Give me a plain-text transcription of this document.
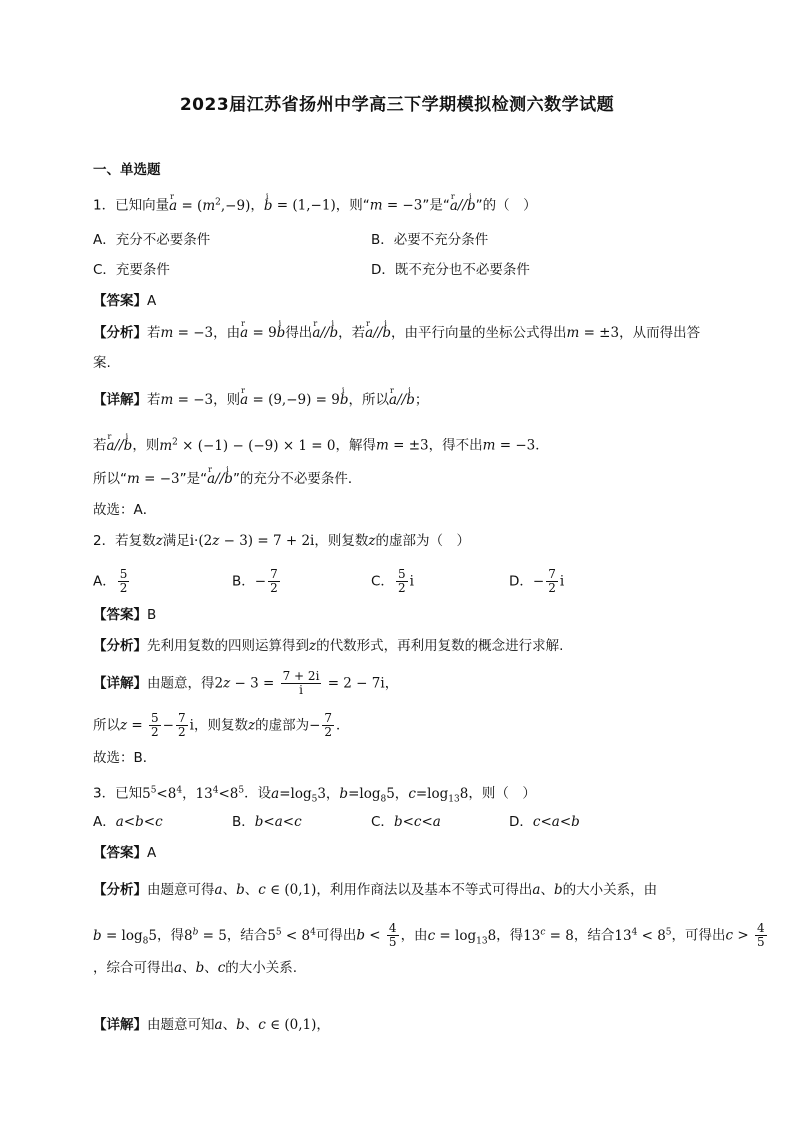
2023届江苏省扬州中学高三下学期模拟检测六数学试题
一、单选题
1．已知向量r $a = (m^2,-9)$，i b = (1,−1)，则“m = −3”是“r a//i b”的（　）
A．充分不必要条件	B．必要不充分条件
C．充要条件	D．既不充分也不必要条件
【答案】A
【分析】若m = −3，由r a = 9i b得出r a//i b，若r a//i b，由平行向量的坐标公式得出m = ±3，从而得出答
案.
【详解】若m = −3，则r a = (9,−9) = 9i b，所以r a//i b；
若r a//i b，则$m^2 \times (-1) - (-9) \times 1 = 0$，解得m = ±3，得不出m = −3．
所以“m = −3”是“r a//i b”的充分不必要条件．
故选：A．
2．若复数z满足i·(2z − 3) = 7 + 2i，则复数z的虚部为（　）
A． $\frac{5}{2}$	B．− $\frac{7}{2}$	C． $\frac{5}{2}$ i	D．− $\frac{7}{2}$ i
【答案】B
【分析】先利用复数的四则运算得到z的代数形式，再利用复数的概念进行求解.
【详解】由题意，得$2z - 3 = \frac{7 + 2i}{i} = 2 - 7i$，
所以$z = \frac{5}{2} - \frac{7}{2}$ i，则复数z的虚部为− $\frac{7}{2}$ ．
故选：B．
3．已知$5^5<8^4$，$13^4<8^5$．设$a=\log_53$，$b=\log_85$，$c=\log_{13}8$，则（　）
A．a<b<c	B．b<a<c	C．b<c<a	D．c<a<b
【答案】A
【分析】由题意可得a、b、c ∈ (0,1)，利用作商法以及基本不等式可得出a、b的大小关系，由
$b = \log_85$，得$8^b = 5$，结合$5^5 < 8^4$可得出$b < \frac{4}{5}$ ，由$c = \log_{13}8$，得$13^c = 8$，结合$13^4 < 8^5$，可得出$c > \frac{4}{5}$
，综合可得出a、b、c的大小关系.
【详解】由题意可知a、b、c ∈ (0,1)，
